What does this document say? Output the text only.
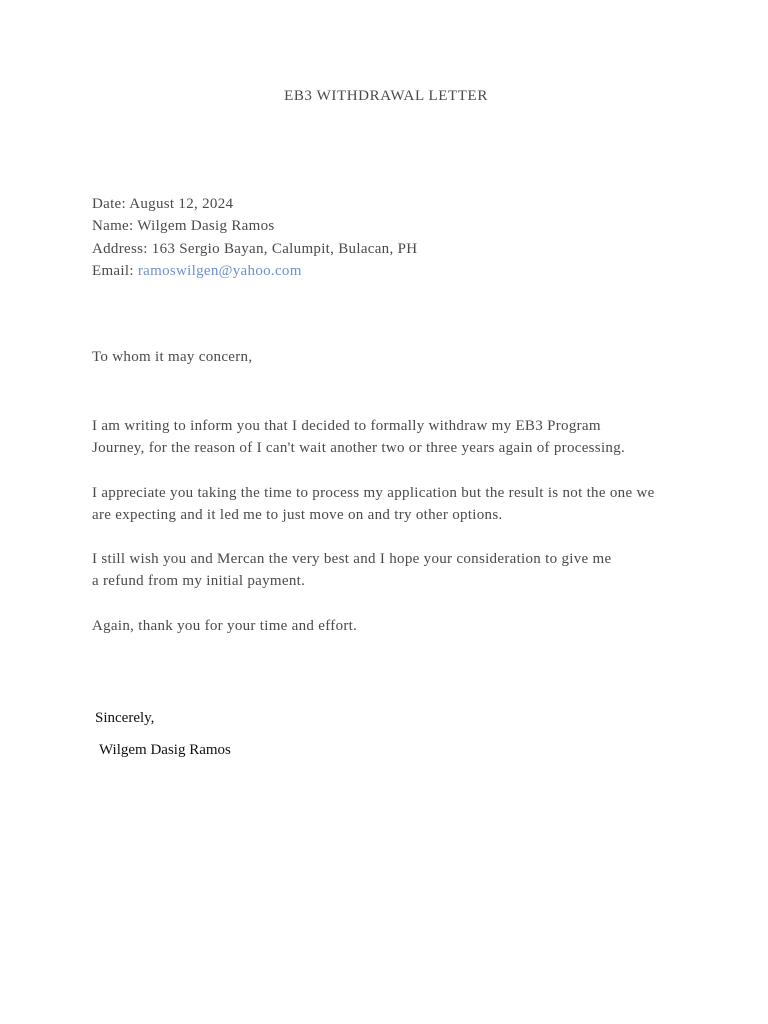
EB3 WITHDRAWAL LETTER
Date: August 12, 2024
Name: Wilgem Dasig Ramos
Address: 163 Sergio Bayan, Calumpit, Bulacan, PH
Email: ramoswilgen@yahoo.com
To whom it may concern,
I am writing to inform you that I decided to formally withdraw my EB3 Program
Journey, for the reason of I can't wait another two or three years again of processing.
I appreciate you taking the time to process my application but the result is not the one we
are expecting and it led me to just move on and try other options.
I still wish you and Mercan the very best and I hope your consideration to give me
a refund from my initial payment.
Again, thank you for your time and effort.
Sincerely,
Wilgem Dasig Ramos
